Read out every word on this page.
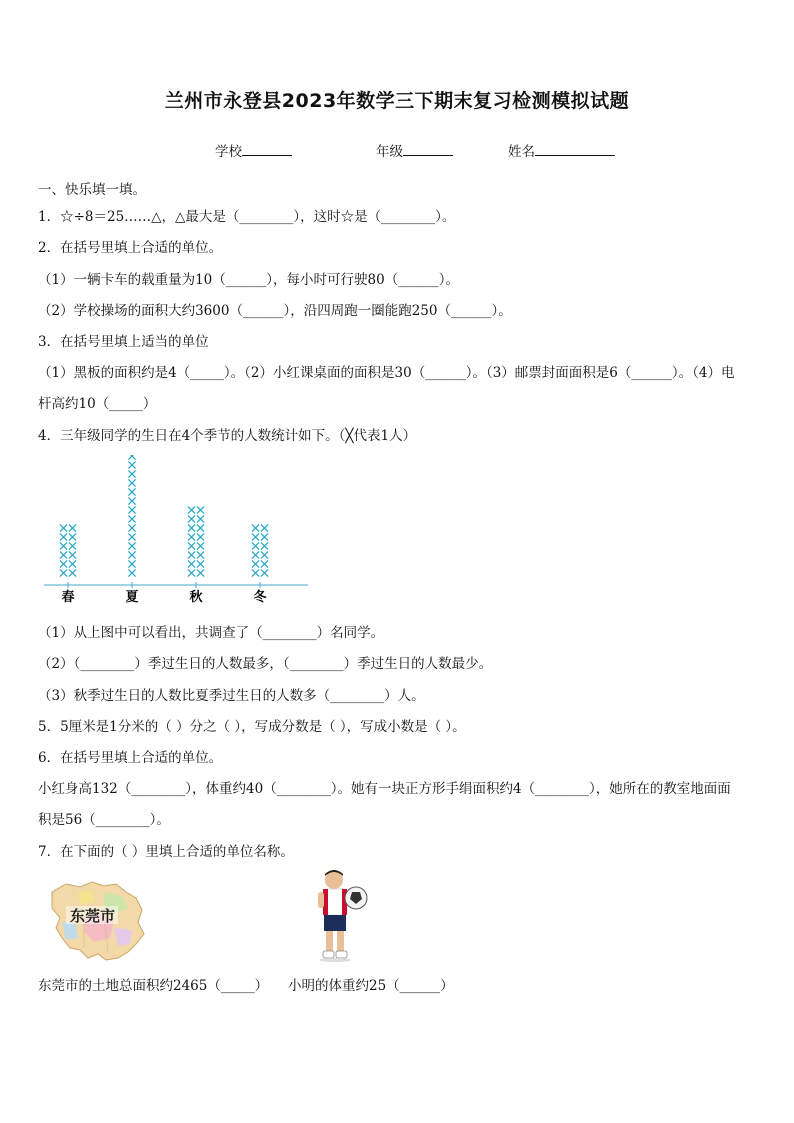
兰州市永登县2023年数学三下期末复习检测模拟试题
学校	年级	姓名
一、快乐填一填。
1．☆÷8＝25……△，△最大是（________），这时☆是（________）。
2．在括号里填上合适的单位。
（1）一辆卡车的载重量为10（______），每小时可行驶80（______）。
（2）学校操场的面积大约3600（______），沿四周跑一圈能跑250（______）。
3．在括号里填上适当的单位
（1）黑板的面积约是4（_____）。（2）小红课桌面的面积是30（______）。（3）邮票封面面积是6（______）。（4）电
杆高约10（_____）
4．三年级同学的生日在4个季节的人数统计如下。（╳代表1人）
春	夏	秋	冬
（1）从上图中可以看出，共调查了（________）名同学。
（2）（________）季过生日的人数最多，（________）季过生日的人数最少。
（3）秋季过生日的人数比夏季过生日的人数多（________）人。
5．5厘米是1分米的（ ）分之（ ），写成分数是（ ），写成小数是（ ）。
6．在括号里填上合适的单位。
小红身高132（________），体重约40（________）。她有一块正方形手绢面积约4（________），她所在的教室地面面
积是56（________）。
7．在下面的（ ）里填上合适的单位名称。
东莞市
东莞市的土地总面积约2465（_____） 小明的体重约25（______）
